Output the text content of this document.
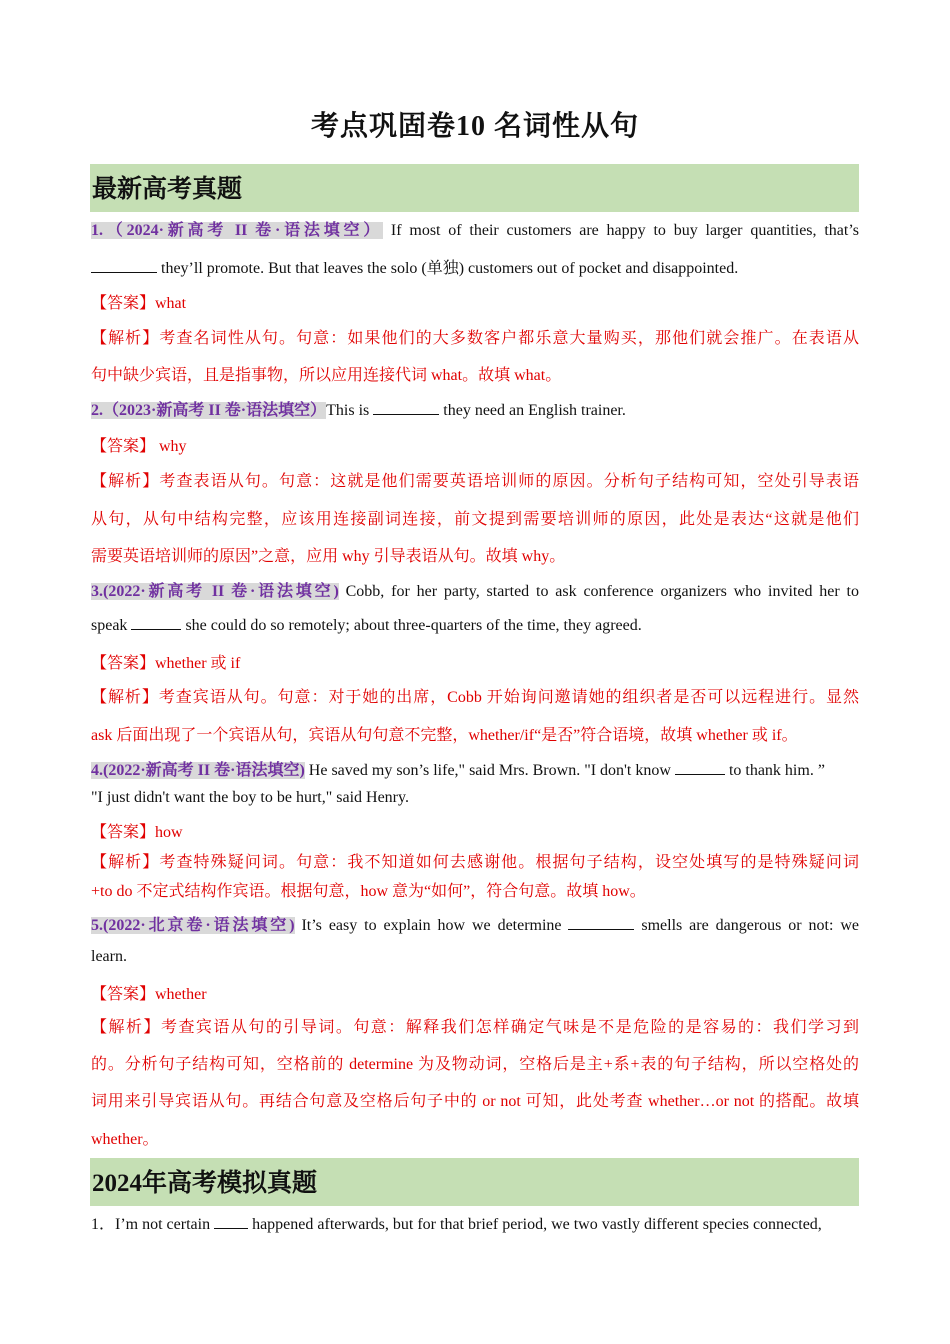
考点巩固卷10 名词性从句
最新高考真题
1.（2024·新高考 II 卷·语法填空） If most of their customers are happy to buy larger quantities, that’s
they’ll promote. But that leaves the solo (单独) customers out of pocket and disappointed.
【答案】what
【解析】考查名词性从句。句意：如果他们的大多数客户都乐意大量购买，那他们就会推广。在表语从
句中缺少宾语，且是指事物，所以应用连接代词 what。故填 what。
2.（2023·新高考 II 卷·语法填空）This is	they need an English trainer.
【答案】 why
【解析】考查表语从句。句意：这就是他们需要英语培训师的原因。分析句子结构可知，空处引导表语
从句，从句中结构完整，应该用连接副词连接，前文提到需要培训师的原因，此处是表达“这就是他们
需要英语培训师的原因”之意，应用 why 引导表语从句。故填 why。
3.(2022·新高考 II 卷·语法填空) Cobb, for her party, started to ask conference organizers who invited her to
speak	she could do so remotely; about three-quarters of the time, they agreed.
【答案】whether 或 if
【解析】考查宾语从句。句意：对于她的出席，Cobb 开始询问邀请她的组织者是否可以远程进行。显然
ask 后面出现了一个宾语从句，宾语从句句意不完整，whether/if“是否”符合语境，故填 whether 或 if。
4.(2022·新高考 II 卷·语法填空) He saved my son’s life," said Mrs. Brown. "I don't know	to thank him. ”
"I just didn't want the boy to be hurt," said Henry.
【答案】how
【解析】考查特殊疑问词。句意：我不知道如何去感谢他。根据句子结构，设空处填写的是特殊疑问词
+to do 不定式结构作宾语。根据句意，how 意为“如何”，符合句意。故填 how。
5.(2022·北京卷·语法填空) It’s easy to explain how we determine	smells are dangerous or not: we
learn.
【答案】whether
【解析】考查宾语从句的引导词。句意：解释我们怎样确定气味是不是危险的是容易的：我们学习到
的。分析句子结构可知，空格前的 determine 为及物动词，空格后是主+系+表的句子结构，所以空格处的
词用来引导宾语从句。再结合句意及空格后句子中的 or not 可知，此处考查 whether…or not 的搭配。故填
whether。
2024年高考模拟真题
1．I’m not certain  happened afterwards, but for that brief period, we two vastly different species connected,
